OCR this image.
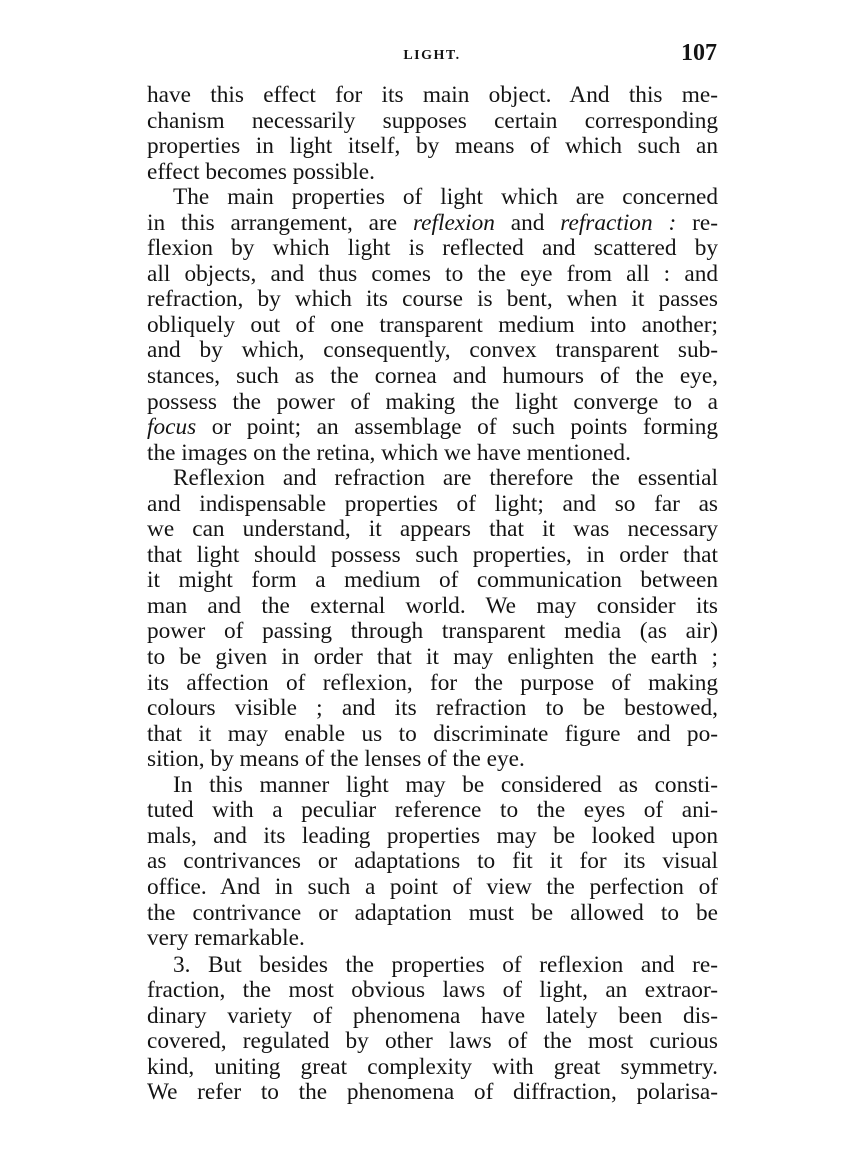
LIGHT.	107
have this effect for its main object. And this me-
chanism necessarily supposes certain corresponding
properties in light itself, by means of which such an
effect becomes possible.
The main properties of light which are concerned
in this arrangement, are reflexion and refraction : re-
flexion by which light is reflected and scattered by
all objects, and thus comes to the eye from all : and
refraction, by which its course is bent, when it passes
obliquely out of one transparent medium into another;
and by which, consequently, convex transparent sub-
stances, such as the cornea and humours of the eye,
possess the power of making the light converge to a
focus or point; an assemblage of such points forming
the images on the retina, which we have mentioned.
Reflexion and refraction are therefore the essential
and indispensable properties of light; and so far as
we can understand, it appears that it was necessary
that light should possess such properties, in order that
it might form a medium of communication between
man and the external world. We may consider its
power of passing through transparent media (as air)
to be given in order that it may enlighten the earth ;
its affection of reflexion, for the purpose of making
colours visible ; and its refraction to be bestowed,
that it may enable us to discriminate figure and po-
sition, by means of the lenses of the eye.
In this manner light may be considered as consti-
tuted with a peculiar reference to the eyes of ani-
mals, and its leading properties may be looked upon
as contrivances or adaptations to fit it for its visual
office. And in such a point of view the perfection of
the contrivance or adaptation must be allowed to be
very remarkable.
3. But besides the properties of reflexion and re-
fraction, the most obvious laws of light, an extraor-
dinary variety of phenomena have lately been dis-
covered, regulated by other laws of the most curious
kind, uniting great complexity with great symmetry.
We refer to the phenomena of diffraction, polarisa-
